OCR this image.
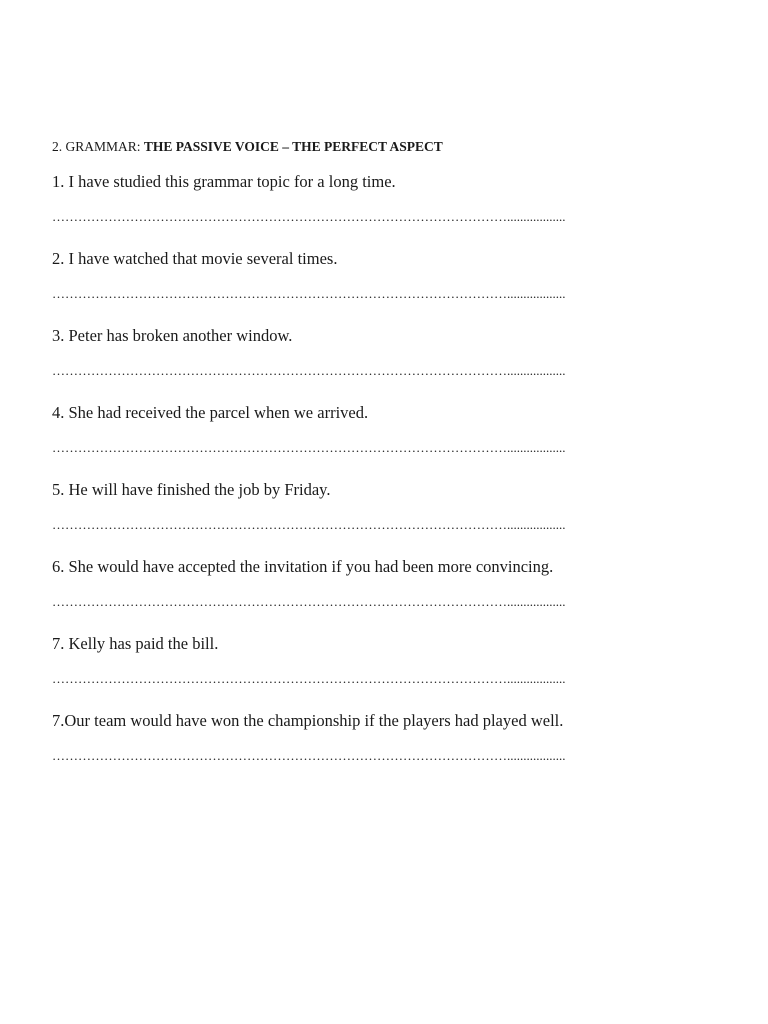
2. GRAMMAR: THE PASSIVE VOICE – THE PERFECT ASPECT
1. I have studied this grammar topic for a long time.
……………………………………………………………………………………………..................
2. I have watched that movie several times.
……………………………………………………………………………………………..................
3. Peter has broken another window.
……………………………………………………………………………………………..................
4. She had received the parcel when we arrived.
……………………………………………………………………………………………..................
5. He will have finished the job by Friday.
……………………………………………………………………………………………..................
6. She would have accepted the invitation if you had been more convincing.
……………………………………………………………………………………………..................
7. Kelly has paid the bill.
……………………………………………………………………………………………..................
7.Our team would have won the championship if the players had played well.
……………………………………………………………………………………………..................
